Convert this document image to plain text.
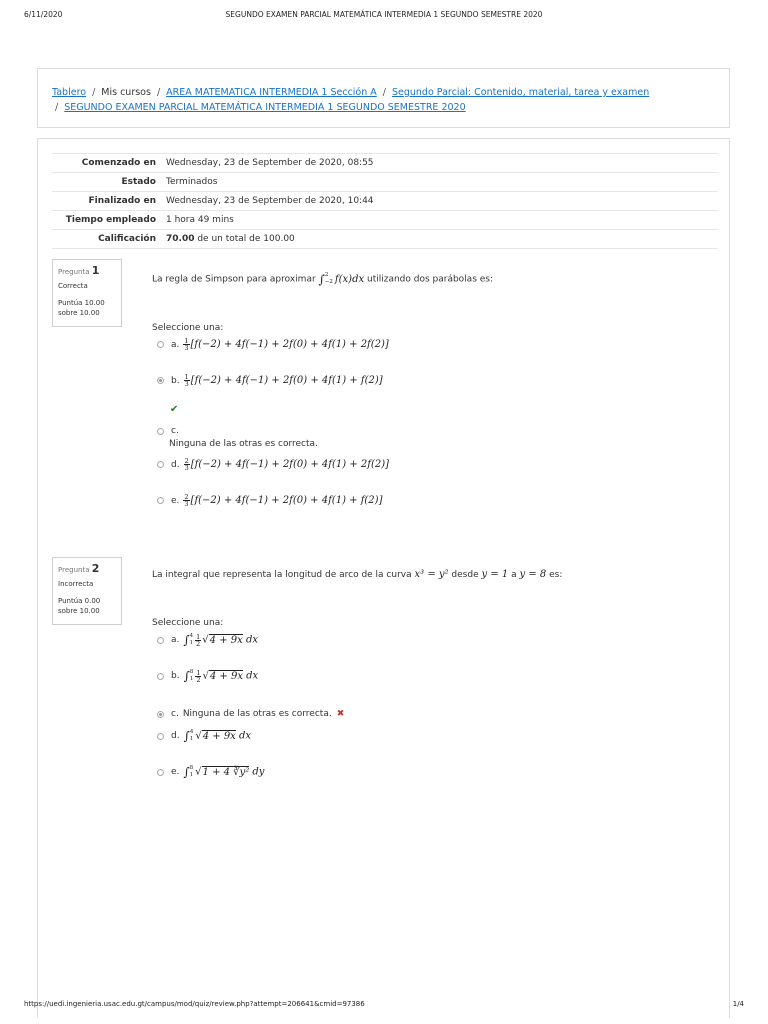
6/11/2020	SEGUNDO EXAMEN PARCIAL MATEMÁTICA INTERMEDIA 1 SEGUNDO SEMESTRE 2020
Tablero / Mis cursos / AREA MATEMATICA INTERMEDIA 1 Sección A / Segundo Parcial: Contenido, material, tarea y examen
/ SEGUNDO EXAMEN PARCIAL MATEMÁTICA INTERMEDIA 1 SEGUNDO SEMESTRE 2020
Comenzado en	Wednesday, 23 de September de 2020, 08:55
Estado	Terminados
Finalizado en	Wednesday, 23 de September de 2020, 10:44
Tiempo empleado	1 hora 49 mins
Calificación	70.00 de un total de 100.00
Pregunta 1
Correcta
Puntúa 10.00 sobre 10.00
La regla de Simpson para aproximar ∫ 2
−2 f(x)dx utilizando dos parábolas es:
Seleccione una:
a. $\frac{1}{3} [f(-2) + 4f(-1) + 2f(0) + 4f(1) + 2f(2)]$
b. $\frac{1}{3} [f(-2) + 4f(-1) + 2f(0) + 4f(1) + f(2)]$
✔
c.
Ninguna de las otras es correcta.
d. $\frac{2}{3} [f(-2) + 4f(-1) + 2f(0) + 4f(1) + 2f(2)]$
e. $\frac{2}{3} [f(-2) + 4f(-1) + 2f(0) + 4f(1) + f(2)]$
Pregunta 2
Incorrecta
Puntúa 0.00 sobre 10.00
La integral que representa la longitud de arco de la curva x³ = y² desde y = 1 a y = 8 es:
Seleccione una:
a. ∫ 4
$1 \frac{1}{2} √4 + 9x$ dx
b. ∫ 8
$1 \frac{1}{2} √4 + 9x$ dx
c. Ninguna de las otras es correcta. ✖
d. ∫ 4
1 √4 + 9x dx
e. ∫ 8
1 √1 + 4 ∛y² dy
https://uedi.ingenieria.usac.edu.gt/campus/mod/quiz/review.php?attempt=206641&cmid=97386	1/4
